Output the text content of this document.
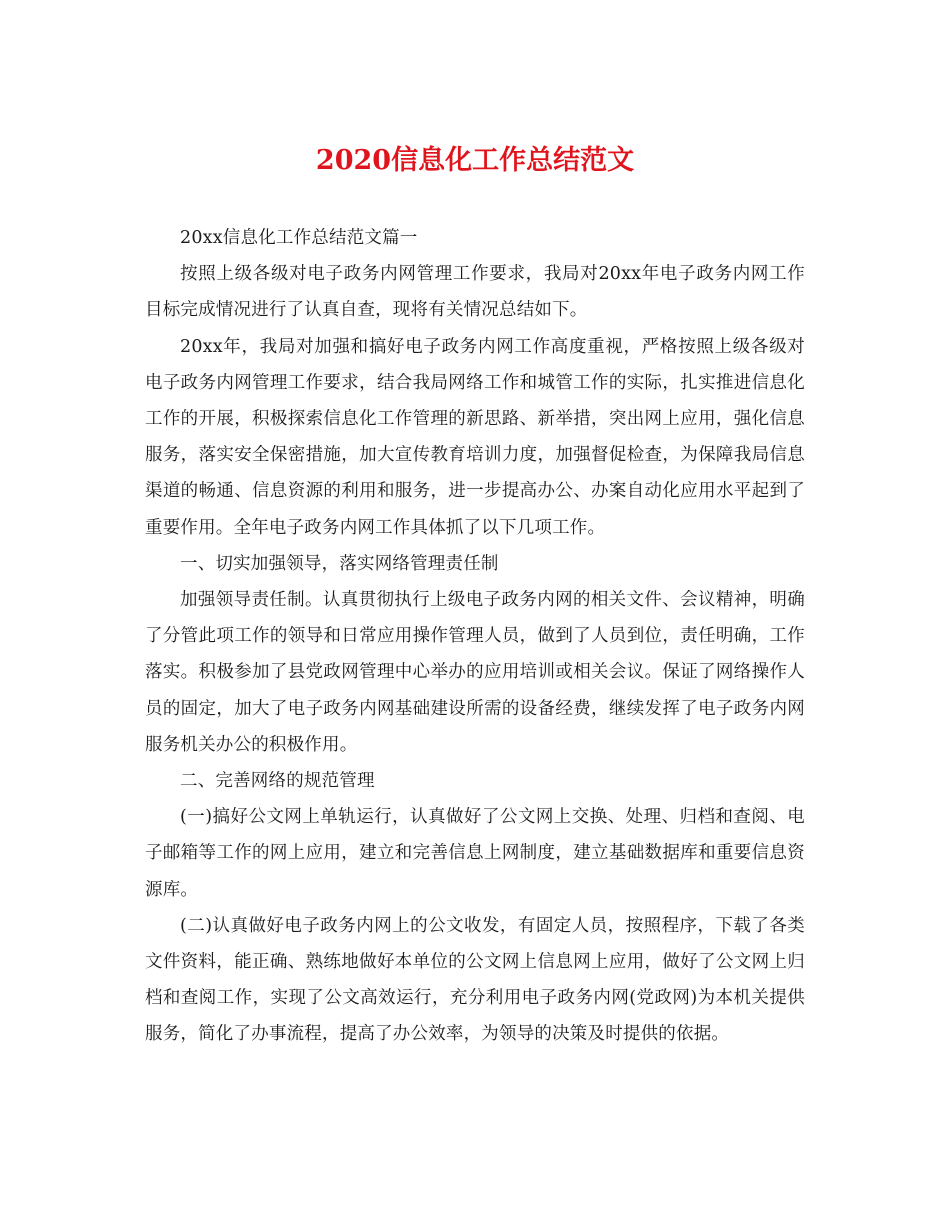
2020信息化工作总结范文

20xx信息化工作总结范文篇一

按照上级各级对电子政务内网管理工作要求，我局对20xx年电子政务内网工作目标完成情况进行了认真自查，现将有关情况总结如下。

20xx年，我局对加强和搞好电子政务内网工作高度重视，严格按照上级各级对电子政务内网管理工作要求，结合我局网络工作和城管工作的实际，扎实推进信息化工作的开展，积极探索信息化工作管理的新思路、新举措，突出网上应用，强化信息服务，落实安全保密措施，加大宣传教育培训力度，加强督促检查，为保障我局信息渠道的畅通、信息资源的利用和服务，进一步提高办公、办案自动化应用水平起到了重要作用。全年电子政务内网工作具体抓了以下几项工作。

一、切实加强领导，落实网络管理责任制

加强领导责任制。认真贯彻执行上级电子政务内网的相关文件、会议精神，明确了分管此项工作的领导和日常应用操作管理人员，做到了人员到位，责任明确，工作落实。积极参加了县党政网管理中心举办的应用培训或相关会议。保证了网络操作人员的固定，加大了电子政务内网基础建设所需的设备经费，继续发挥了电子政务内网服务机关办公的积极作用。

二、完善网络的规范管理

(一)搞好公文网上单轨运行，认真做好了公文网上交换、处理、归档和查阅、电子邮箱等工作的网上应用，建立和完善信息上网制度，建立基础数据库和重要信息资源库。

(二)认真做好电子政务内网上的公文收发，有固定人员，按照程序，下载了各类文件资料，能正确、熟练地做好本单位的公文网上信息网上应用，做好了公文网上归档和查阅工作，实现了公文高效运行，充分利用电子政务内网(党政网)为本机关提供服务，简化了办事流程，提高了办公效率，为领导的决策及时提供的依据。
